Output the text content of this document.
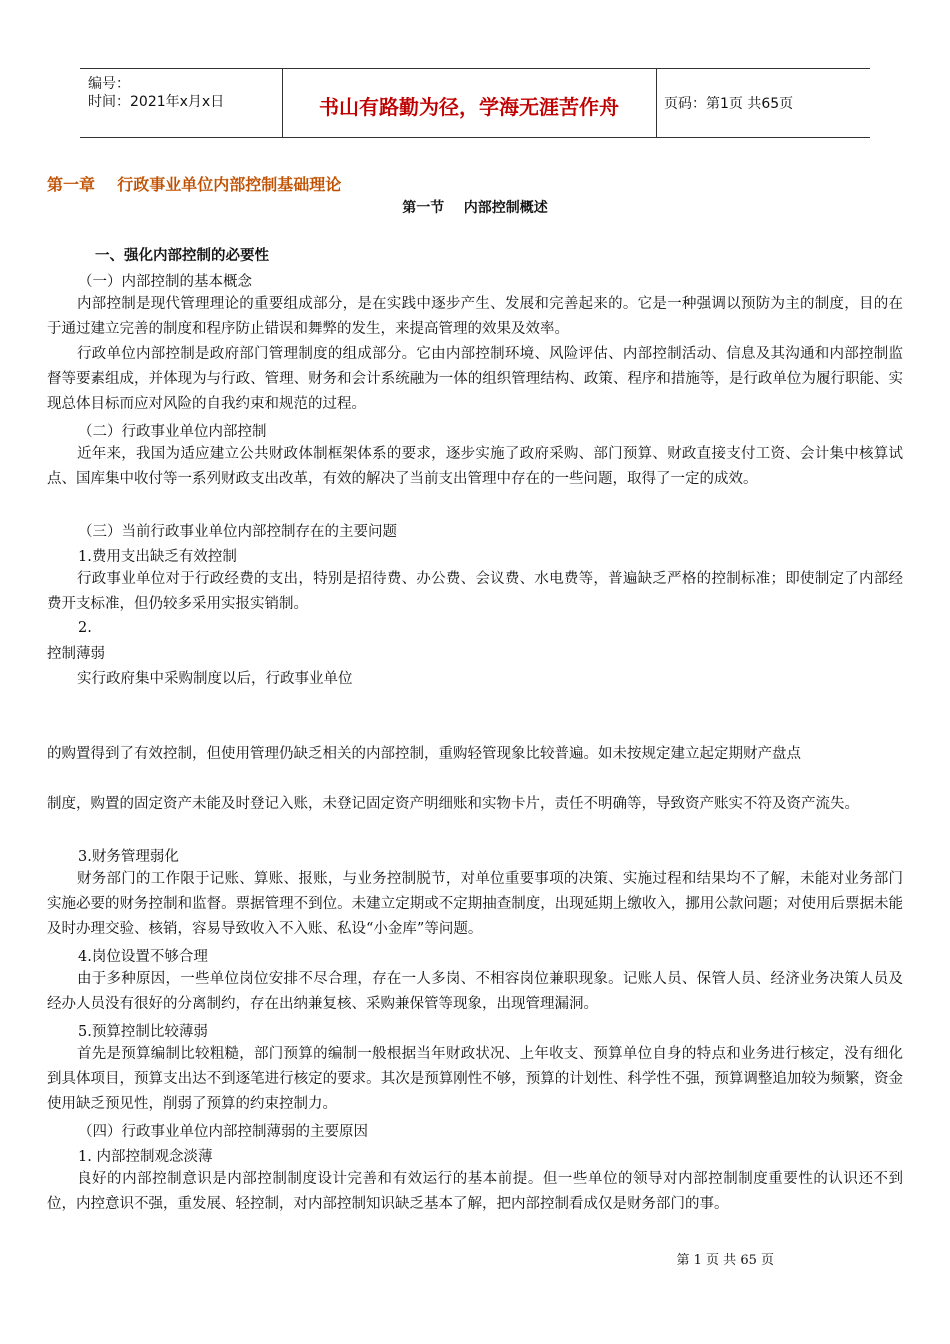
编号：
时间：2021年x月x日	书山有路勤为径，学海无涯苦作舟	页码：第1页 共65页
第一章    行政事业单位内部控制基础理论
第一节    内部控制概述
一、强化内部控制的必要性
（一）内部控制的基本概念
内部控制是现代管理理论的重要组成部分，是在实践中逐步产生、发展和完善起来的。它是一种强调以预防为主的制度，目的在于通过建立完善的制度和程序防止错误和舞弊的发生，来提高管理的效果及效率。
行政单位内部控制是政府部门管理制度的组成部分。它由内部控制环境、风险评估、内部控制活动、信息及其沟通和内部控制监督等要素组成，并体现为与行政、管理、财务和会计系统融为一体的组织管理结构、政策、程序和措施等，是行政单位为履行职能、实现总体目标而应对风险的自我约束和规范的过程。
（二）行政事业单位内部控制
近年来，我国为适应建立公共财政体制框架体系的要求，逐步实施了政府采购、部门预算、财政直接支付工资、会计集中核算试点、国库集中收付等一系列财政支出改革，有效的解决了当前支出管理中存在的一些问题，取得了一定的成效。
（三）当前行政事业单位内部控制存在的主要问题
1.费用支出缺乏有效控制
行政事业单位对于行政经费的支出，特别是招待费、办公费、会议费、水电费等，普遍缺乏严格的控制标准；即使制定了内部经费开支标准，但仍较多采用实报实销制。
2.
控制薄弱
实行政府集中采购制度以后，行政事业单位
的购置得到了有效控制，但使用管理仍缺乏相关的内部控制，重购轻管现象比较普遍。如未按规定建立起定期财产盘点
制度，购置的固定资产未能及时登记入账，未登记固定资产明细账和实物卡片，责任不明确等，导致资产账实不符及资产流失。
3.财务管理弱化
财务部门的工作限于记账、算账、报账，与业务控制脱节，对单位重要事项的决策、实施过程和结果均不了解，未能对业务部门实施必要的财务控制和监督。票据管理不到位。未建立定期或不定期抽查制度，出现延期上缴收入，挪用公款问题；对使用后票据未能及时办理交验、核销，容易导致收入不入账、私设“小金库”等问题。
4.岗位设置不够合理
由于多种原因，一些单位岗位安排不尽合理，存在一人多岗、不相容岗位兼职现象。记账人员、保管人员、经济业务决策人员及经办人员没有很好的分离制约，存在出纳兼复核、采购兼保管等现象，出现管理漏洞。
5.预算控制比较薄弱
首先是预算编制比较粗糙，部门预算的编制一般根据当年财政状况、上年收支、预算单位自身的特点和业务进行核定，没有细化到具体项目，预算支出达不到逐笔进行核定的要求。其次是预算刚性不够，预算的计划性、科学性不强，预算调整追加较为频繁，资金使用缺乏预见性，削弱了预算的约束控制力。
（四）行政事业单位内部控制薄弱的主要原因
1. 内部控制观念淡薄
良好的内部控制意识是内部控制制度设计完善和有效运行的基本前提。但一些单位的领导对内部控制制度重要性的认识还不到位，内控意识不强，重发展、轻控制，对内部控制知识缺乏基本了解，把内部控制看成仅是财务部门的事。
第 1 页 共 65 页
